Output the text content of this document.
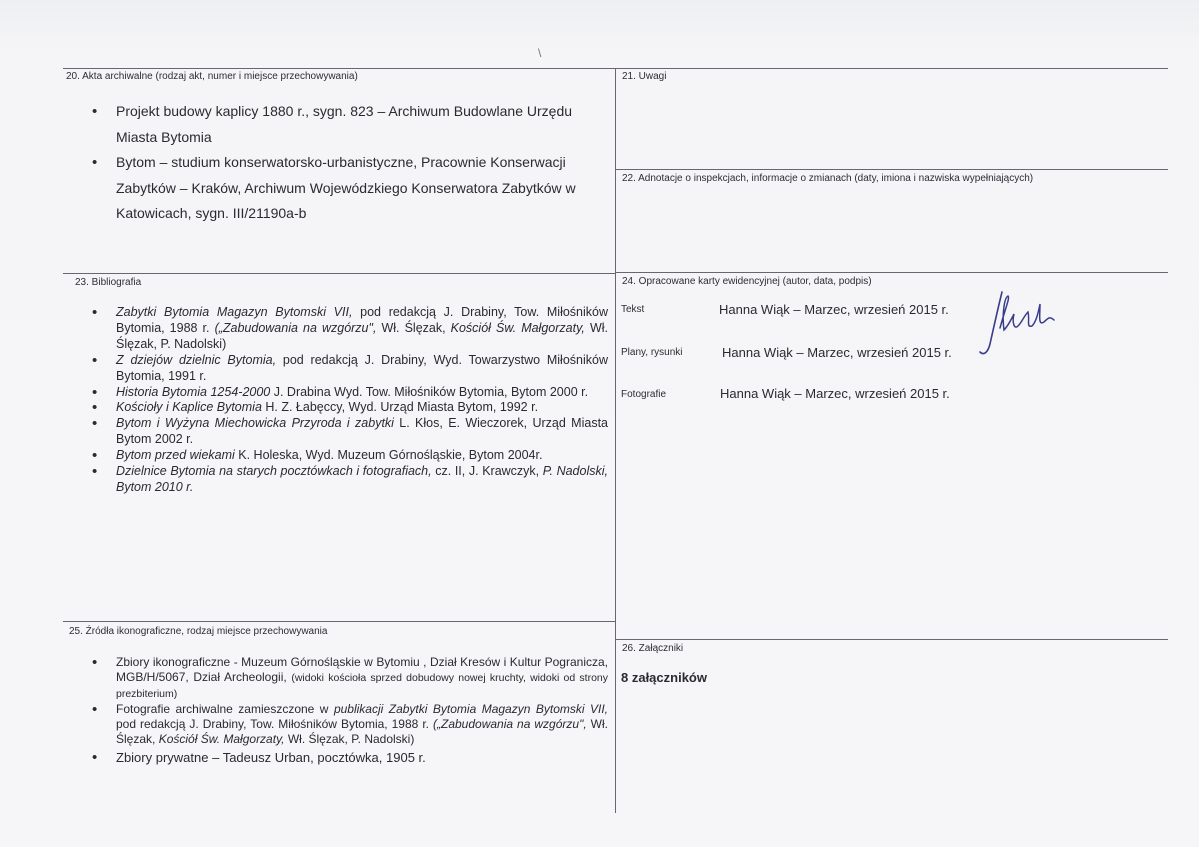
\
20. Akta archiwalne (rodzaj akt, numer i miejsce przechowywania)
• Projekt budowy kaplicy 1880 r., sygn. 823 – Archiwum Budowlane Urzędu Miasta Bytomia
• Bytom – studium konserwatorsko-urbanistyczne, Pracownie Konserwacji Zabytków – Kraków, Archiwum Wojewódzkiego Konserwatora Zabytków w Katowicach, sygn. III/21190a-b
21. Uwagi
22. Adnotacje o inspekcjach, informacje o zmianach (daty, imiona i nazwiska wypełniających)
23. Bibliografia
• Zabytki Bytomia Magazyn Bytomski VII, pod redakcją J. Drabiny, Tow. Miłośników Bytomia, 1988 r. („Zabudowania na wzgórzu", Wł. Ślęzak, Kościół Św. Małgorzaty, Wł. Ślęzak, P. Nadolski)
• Z dziejów dzielnic Bytomia, pod redakcją J. Drabiny, Wyd. Towarzystwo Miłośników Bytomia, 1991 r.
• Historia Bytomia 1254-2000 J. Drabina Wyd. Tow. Miłośników Bytomia, Bytom 2000 r.
• Kościoły i Kaplice Bytomia H. Z. Łabęccy, Wyd. Urząd Miasta Bytom, 1992 r.
• Bytom i Wyżyna Miechowicka Przyroda i zabytki L. Kłos, E. Wieczorek, Urząd Miasta Bytom 2002 r.
• Bytom przed wiekami K. Holeska, Wyd. Muzeum Górnośląskie, Bytom 2004r.
• Dzielnice Bytomia na starych pocztówkach i fotografiach, cz. II, J. Krawczyk, P. Nadolski, Bytom 2010 r.
24. Opracowane karty ewidencyjnej (autor, data, podpis)
Tekst	Hanna Wiąk – Marzec, wrzesień 2015 r.
Plany, rysunki	Hanna Wiąk – Marzec, wrzesień 2015 r.
Fotografie	Hanna Wiąk – Marzec, wrzesień 2015 r.
25. Źródła ikonograficzne, rodzaj miejsce przechowywania
• Zbiory ikonograficzne - Muzeum Górnośląskie w Bytomiu , Dział Kresów i Kultur Pogranicza, MGB/H/5067, Dział Archeologii, (widoki kościoła sprzed dobudowy nowej kruchty, widoki od strony prezbiterium)
• Fotografie archiwalne zamieszczone w publikacji Zabytki Bytomia Magazyn Bytomski VII, pod redakcją J. Drabiny, Tow. Miłośników Bytomia, 1988 r. („Zabudowania na wzgórzu", Wł. Ślęzak, Kościół Św. Małgorzaty, Wł. Ślęzak, P. Nadolski)
• Zbiory prywatne – Tadeusz Urban, pocztówka, 1905 r.
26. Załączniki
8 załączników
